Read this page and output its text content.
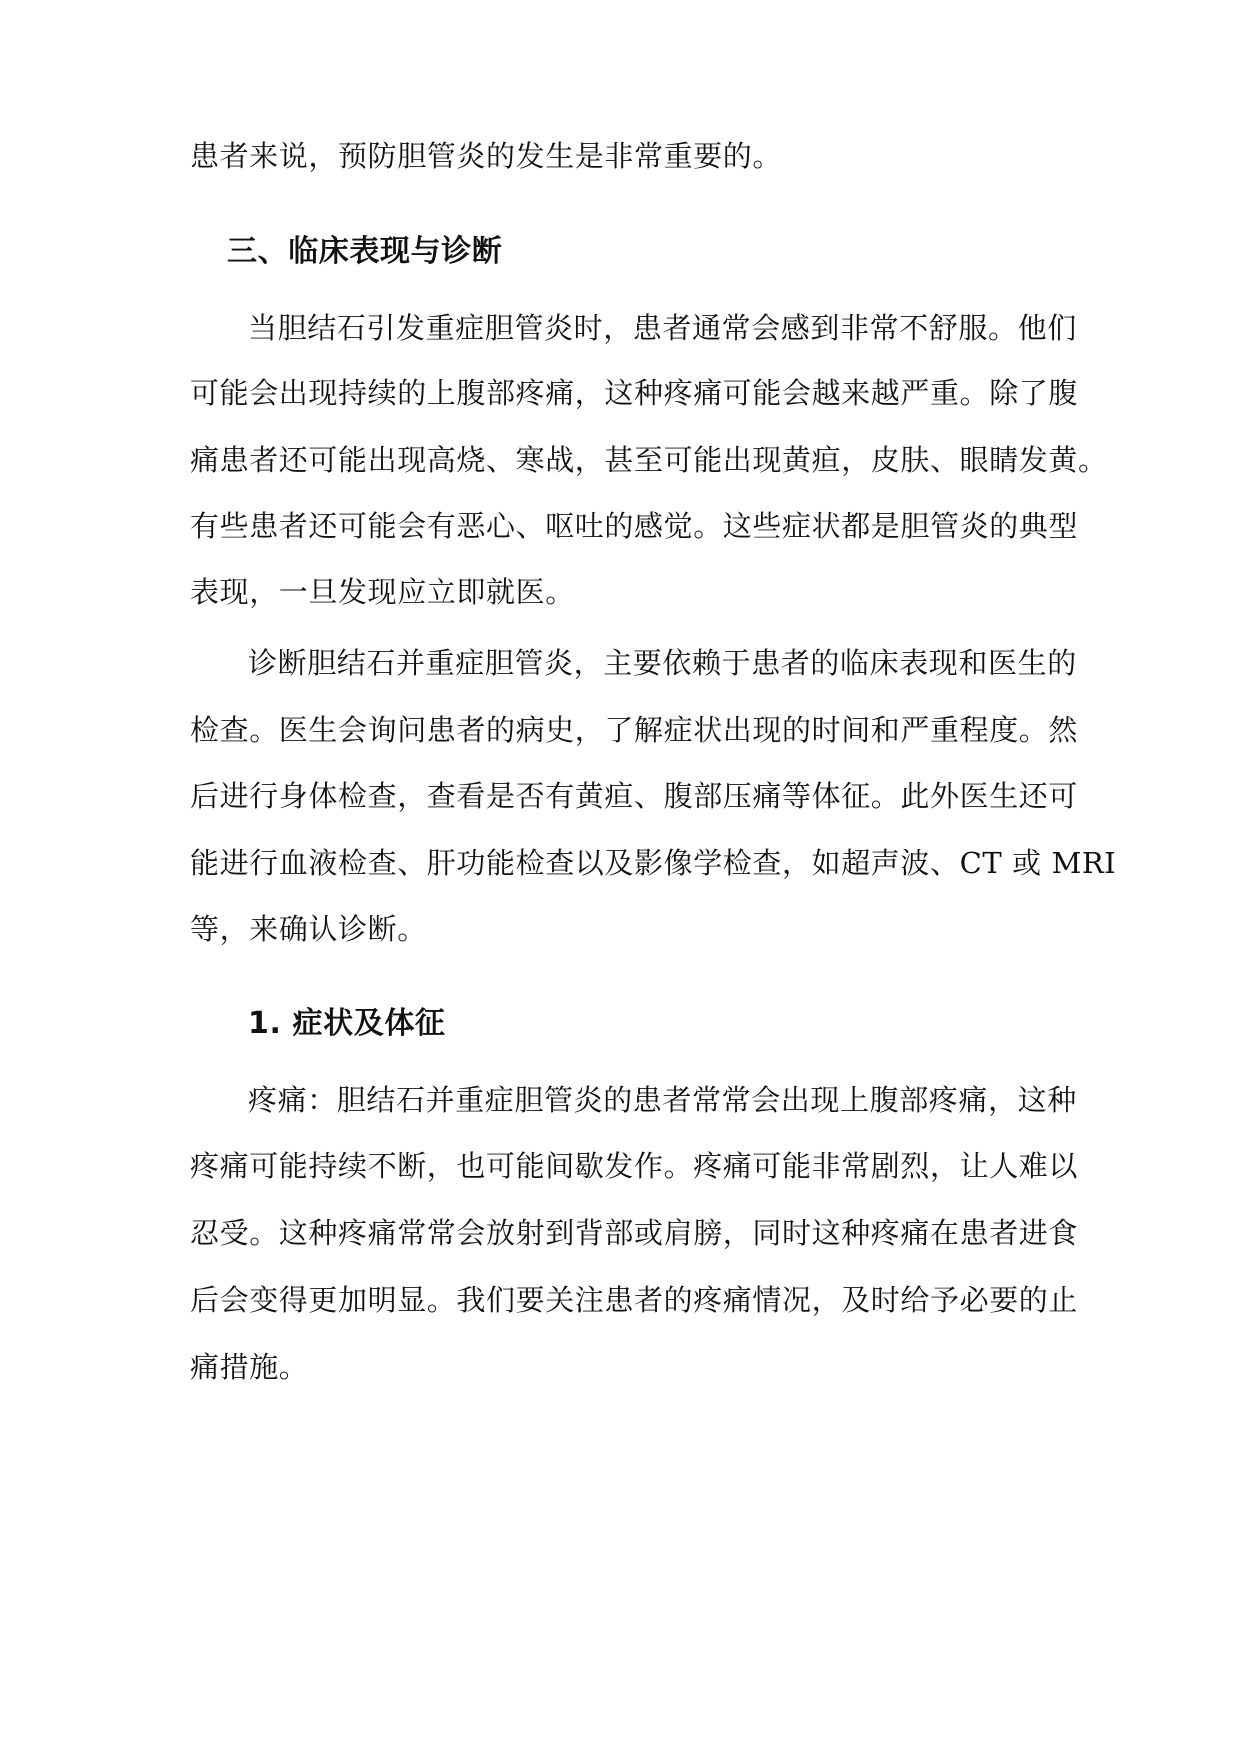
患者来说，预防胆管炎的发生是非常重要的。
三、临床表现与诊断
当胆结石引发重症胆管炎时，患者通常会感到非常不舒服。他们
可能会出现持续的上腹部疼痛，这种疼痛可能会越来越严重。除了腹
痛患者还可能出现高烧、寒战，甚至可能出现黄疸，皮肤、眼睛发黄。
有些患者还可能会有恶心、呕吐的感觉。这些症状都是胆管炎的典型
表现，一旦发现应立即就医。
诊断胆结石并重症胆管炎，主要依赖于患者的临床表现和医生的
检查。医生会询问患者的病史，了解症状出现的时间和严重程度。然
后进行身体检查，查看是否有黄疸、腹部压痛等体征。此外医生还可
能进行血液检查、肝功能检查以及影像学检查，如超声波、CT 或 MRI
等，来确认诊断。
1. 症状及体征
疼痛：胆结石并重症胆管炎的患者常常会出现上腹部疼痛，这种
疼痛可能持续不断，也可能间歇发作。疼痛可能非常剧烈，让人难以
忍受。这种疼痛常常会放射到背部或肩膀，同时这种疼痛在患者进食
后会变得更加明显。我们要关注患者的疼痛情况，及时给予必要的止
痛措施。
